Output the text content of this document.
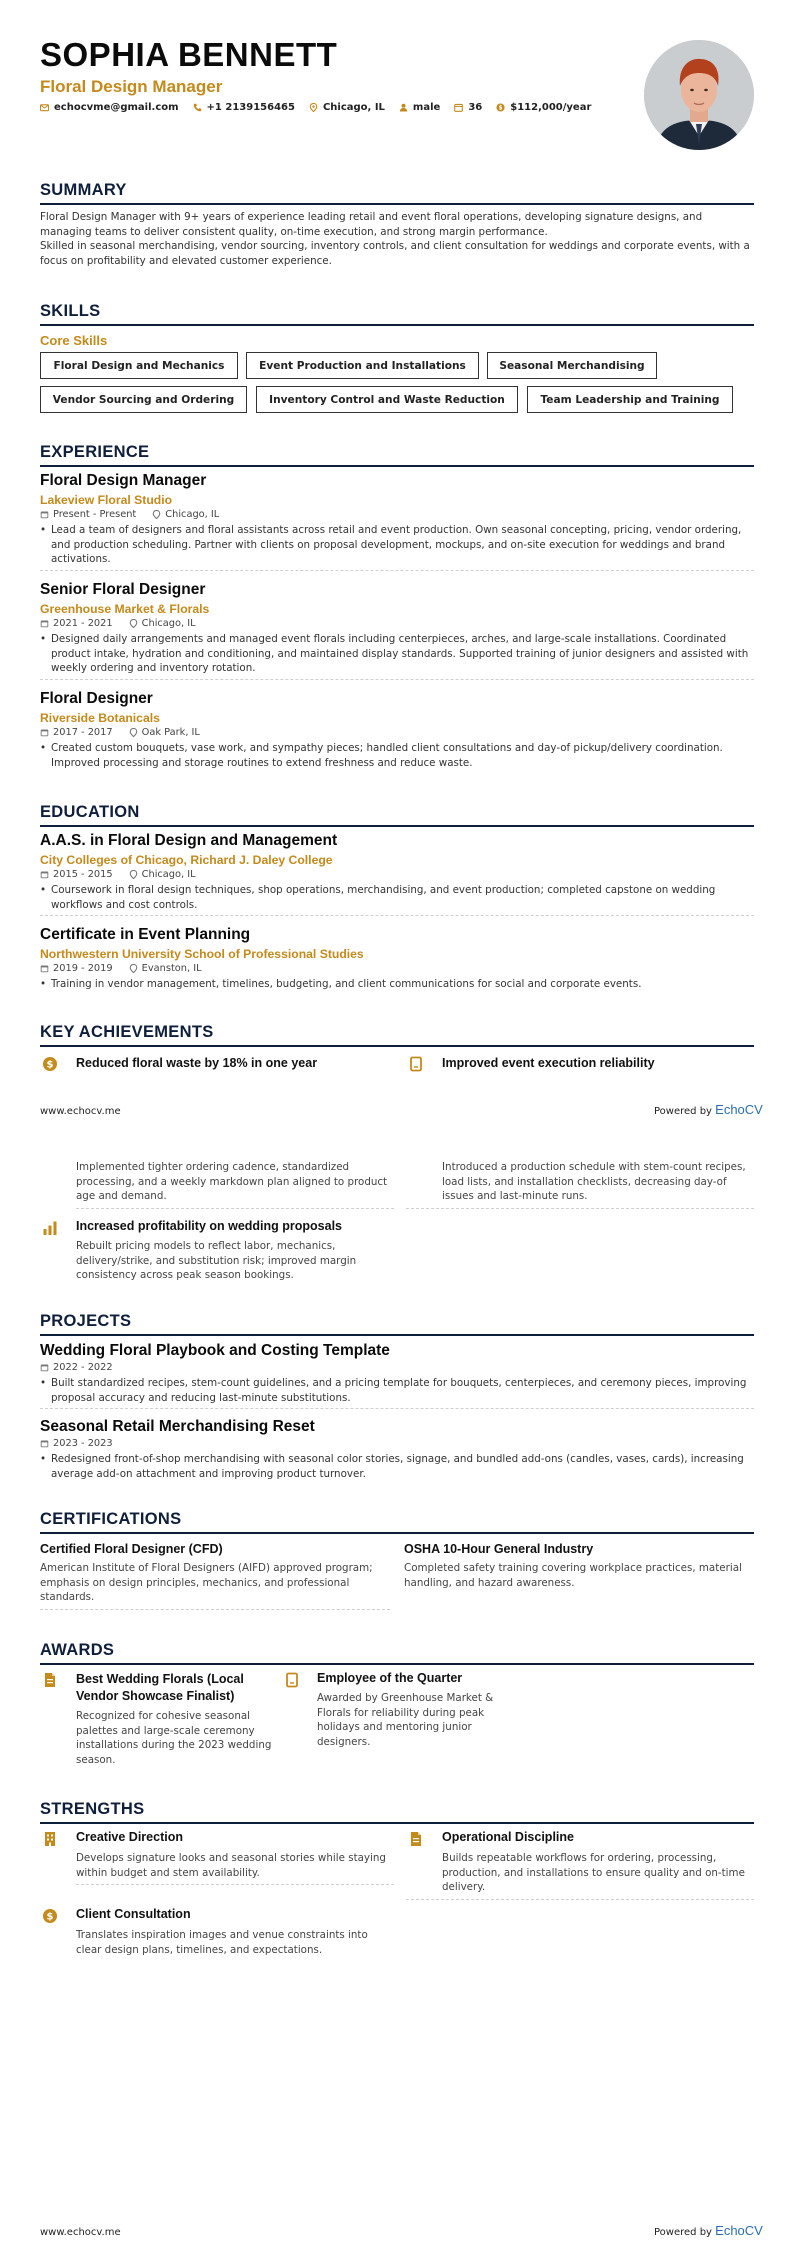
SOPHIA BENNETT
Floral Design Manager
echocvme@gmail.com	+1 2139156465	Chicago, IL	male	36	$ $112,000/year
SUMMARY
Floral Design Manager with 9+ years of experience leading retail and event floral operations, developing signature designs, and managing teams to deliver consistent quality, on-time execution, and strong margin performance.
Skilled in seasonal merchandising, vendor sourcing, inventory controls, and client consultation for weddings and corporate events, with a focus on profitability and elevated customer experience.
SKILLS
Core Skills
Floral Design and Mechanics	Event Production and Installations	Seasonal Merchandising
Vendor Sourcing and Ordering	Inventory Control and Waste Reduction	Team Leadership and Training
EXPERIENCE
Floral Design Manager
Lakeview Floral Studio
Present - Present	Chicago, IL
• Lead a team of designers and floral assistants across retail and event production. Own seasonal concepting, pricing, vendor ordering, and production scheduling. Partner with clients on proposal development, mockups, and on-site execution for weddings and brand activations.
Senior Floral Designer
Greenhouse Market & Florals
2021 - 2021	Chicago, IL
• Designed daily arrangements and managed event florals including centerpieces, arches, and large-scale installations. Coordinated product intake, hydration and conditioning, and maintained display standards. Supported training of junior designers and assisted with weekly ordering and inventory rotation.
Floral Designer
Riverside Botanicals
2017 - 2017	Oak Park, IL
• Created custom bouquets, vase work, and sympathy pieces; handled client consultations and day-of pickup/delivery coordination. Improved processing and storage routines to extend freshness and reduce waste.
EDUCATION
A.A.S. in Floral Design and Management
City Colleges of Chicago, Richard J. Daley College
2015 - 2015	Chicago, IL
• Coursework in floral design techniques, shop operations, merchandising, and event production; completed capstone on wedding workflows and cost controls.
Certificate in Event Planning
Northwestern University School of Professional Studies
2019 - 2019	Evanston, IL
• Training in vendor management, timelines, budgeting, and client communications for social and corporate events.
KEY ACHIEVEMENTS
$ Reduced floral waste by 18% in one year	Improved event execution reliability
www.echocv.me	Powered by EchoCV
Implemented tighter ordering cadence, standardized processing, and a weekly markdown plan aligned to product age and demand.
Introduced a production schedule with stem-count recipes, load lists, and installation checklists, decreasing day-of issues and last-minute runs.
Increased profitability on wedding proposals
Rebuilt pricing models to reflect labor, mechanics, delivery/strike, and substitution risk; improved margin consistency across peak season bookings.
PROJECTS
Wedding Floral Playbook and Costing Template
2022 - 2022
• Built standardized recipes, stem-count guidelines, and a pricing template for bouquets, centerpieces, and ceremony pieces, improving proposal accuracy and reducing last-minute substitutions.
Seasonal Retail Merchandising Reset
2023 - 2023
• Redesigned front-of-shop merchandising with seasonal color stories, signage, and bundled add-ons (candles, vases, cards), increasing average add-on attachment and improving product turnover.
CERTIFICATIONS
Certified Floral Designer (CFD)
American Institute of Floral Designers (AIFD) approved program; emphasis on design principles, mechanics, and professional standards.
OSHA 10-Hour General Industry
Completed safety training covering workplace practices, material handling, and hazard awareness.
AWARDS
Best Wedding Florals (Local Vendor Showcase Finalist)
Recognized for cohesive seasonal palettes and large-scale ceremony installations during the 2023 wedding season.
Employee of the Quarter
Awarded by Greenhouse Market & Florals for reliability during peak holidays and mentoring junior designers.
STRENGTHS
Creative Direction
Develops signature looks and seasonal stories while staying within budget and stem availability.
Operational Discipline
Builds repeatable workflows for ordering, processing, production, and installations to ensure quality and on-time delivery.
$ Client Consultation
Translates inspiration images and venue constraints into clear design plans, timelines, and expectations.
www.echocv.me	Powered by EchoCV
